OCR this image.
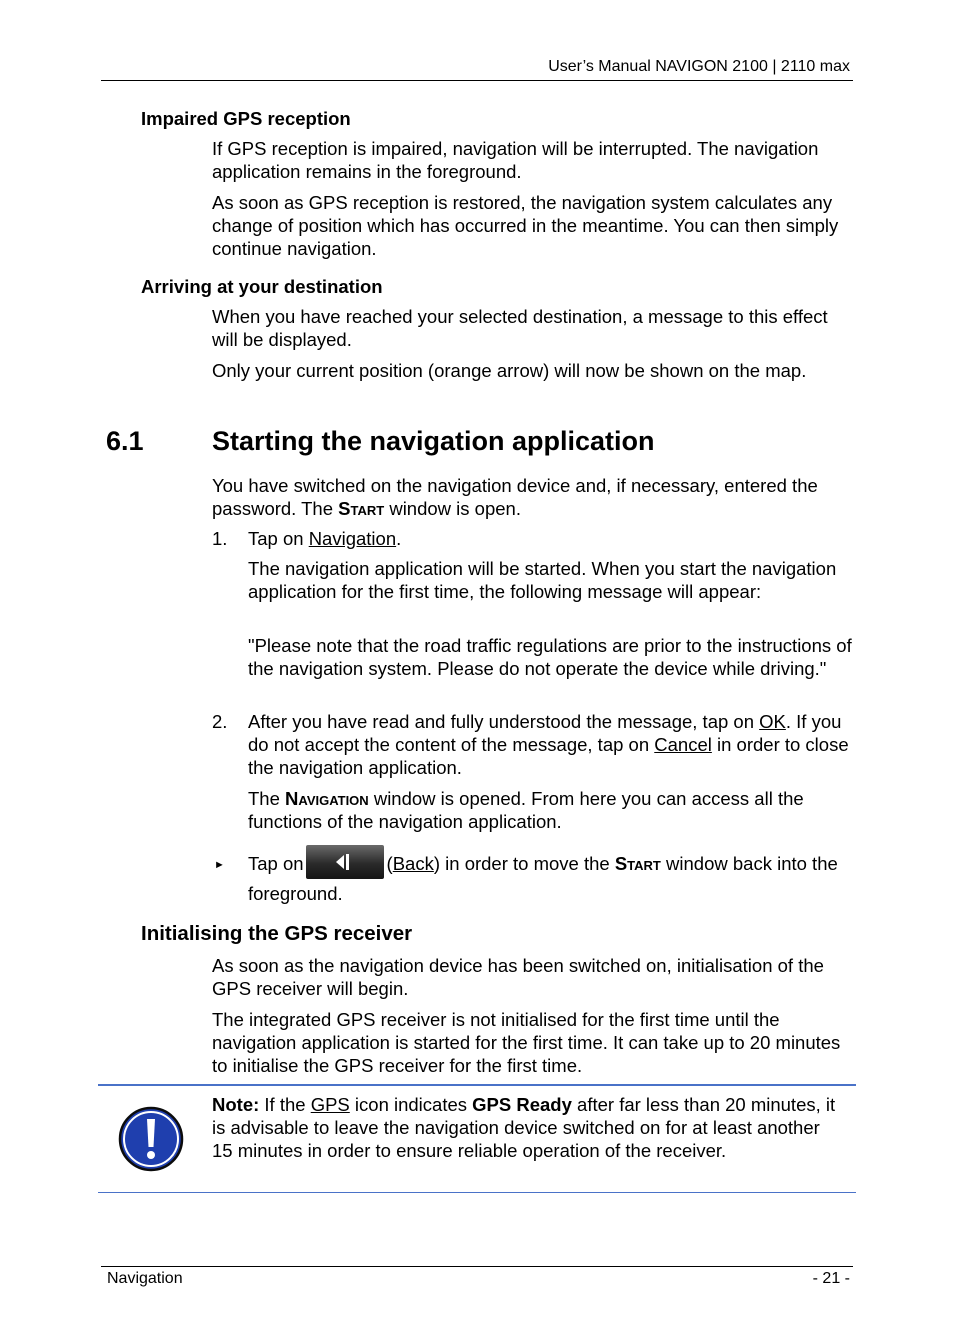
User’s Manual NAVIGON 2100 | 2110 max
Impaired GPS reception
If GPS reception is impaired, navigation will be interrupted. The navigation application remains in the foreground.
As soon as GPS reception is restored, the navigation system calculates any change of position which has occurred in the meantime. You can then simply continue navigation.
Arriving at your destination
When you have reached your selected destination, a message to this effect will be displayed.
Only your current position (orange arrow) will now be shown on the map.
6.1	Starting the navigation application
You have switched on the navigation device and, if necessary, entered the password. The Start window is open.
1. Tap on Navigation.
The navigation application will be started. When you start the navigation application for the first time, the following message will appear:
"Please note that the road traffic regulations are prior to the instructions of the navigation system. Please do not operate the device while driving."
2. After you have read and fully understood the message, tap on OK. If you do not accept the content of the message, tap on Cancel in order to close the navigation application.
The Navigation window is opened. From here you can access all the functions of the navigation application.
► Tap on	(Back) in order to move the Start window back into the foreground.
Initialising the GPS receiver
As soon as the navigation device has been switched on, initialisation of the GPS receiver will begin.
The integrated GPS receiver is not initialised for the first time until the navigation application is started for the first time. It can take up to 20 minutes to initialise the GPS receiver for the first time.
Note: If the GPS icon indicates GPS Ready after far less than 20 minutes, it is advisable to leave the navigation device switched on for at least another 15 minutes in order to ensure reliable operation of the receiver.
Navigation	- 21 -
